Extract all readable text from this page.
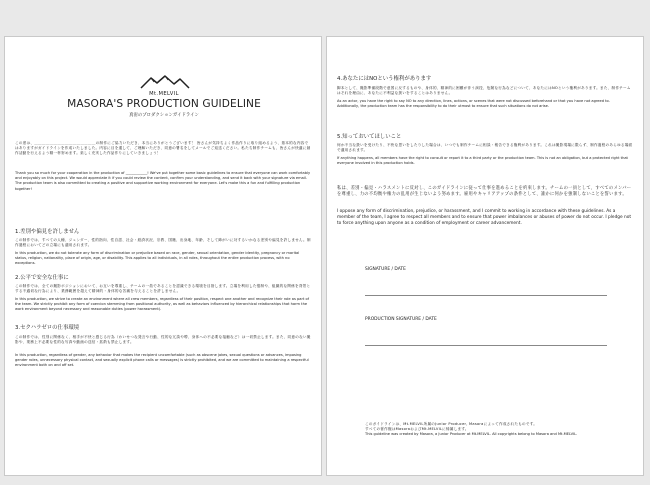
Mt.MELVIL
MASORA'S PRODUCTION GUIDELINE
真宙のプロダクションガイドライン

この度は、＿＿＿＿＿＿＿＿＿＿＿＿＿＿＿＿の制作にご協力いただき、本当にありがとうございます！ 皆さんが気持ちよく作品作りに取り組めるよう、基本的な内容ではありますがガイドラインを作成いたしました。内容に目を通して、ご理解いただき、同意の署名をしてメールでご返送ください。私たち制作チームも、皆さんが快適に創作活動を行えるよう精一杯努めます。楽しく充実した作品作りにしていきましょう！

Thank you so much for your cooperation in the production of ____________! We've put together some basic guidelines to ensure that everyone can work comfortably and enjoyably on this project. We would appreciate it if you could review the content, confirm your understanding, and send it back with your signature via email. The production team is also committed to creating a positive and supportive working environment for everyone. Let's make this a fun and fulfilling production together!

1.差別や偏見を許しません

この制作では、すべての人種、ジェンダー、性的指向、性自認、社会・経済状況、宗教、国籍、出身地、年齢、そして障がいに対するいかなる差別や偏見を許しません。制作過程においてどの立場にも適用されます。

In this production, we do not tolerate any form of discrimination or prejudice based on race, gender, sexual orientation, gender identity, pregnancy or marital status, religion, nationality, place of origin, age, or disability. This applies to all individuals, in all roles, throughout the entire production process, with no exceptions.

2.公平で安全な仕事に

この制作では、全ての撮影ポジションにおいて、お互いを尊重し、チームの一員であることを認識できる環境を目指します。立場を利用した強制や、組織的な関係を背景とする不適切な行為により、業務範囲を超えて精神的・身体的な苦痛を与えることを許しません。

In this production, we strive to create an environment where all crew members, regardless of their position, respect one another and recognize their role as part of the team. We strictly prohibit any form of coercion stemming from positional authority, as well as behaviors influenced by hierarchical relationships that harm the work environment beyond necessary and reasonable duties (power harassment).

3.セクハラゼロの仕事環境

この制作では、性別に関係なく、相手が不快と感じる行為（わいせつな発言や行動、性的な冗談や噂、身体への不必要な接触など）は一切禁止します。また、同意のない撮影や、業務上不必要な性的な写真や動画の送信・拡散も禁止します。

In this production, regardless of gender, any behavior that makes the recipient uncomfortable (such as obscene jokes, sexual questions or advances, imposing gender roles, unnecessary physical contact, and sexually explicit phone calls or messages) is strictly prohibited, and we are committed to maintaining a respectful environment both on and off set.

4.あなたにはNOという権利があります

脚本として、撮影準備段階で意図に反するものや、身体的、精神的に困難が伴う演技、危険な行為などについて、あなたにはNOという権利があります。また、制作チームはそれを理由に、あなたに不利益な扱いをすることはありません。

As an actor, you have the right to say NO to any direction, lines, actions, or scenes that were not discussed beforehand or that you have not agreed to. Additionally, the production team has the responsibility to do their utmost to ensure that such situations do not arise.

5.知っておいてほしいこと

何か不当な扱いを受けたり、不快な思いをしたりした場合は、いつでも制作チームに相談・報告できる権利があります。これは撮影現場に限らず、制作過程のあらゆる場面で適用されます。

If anything happens, all members have the right to consult or report it to a third party or the production team. This is not an obligation, but a protected right that everyone involved in this production holds.

私は、差別・偏見・ハラスメントに反対し、このガイドラインに従って仕事を進めることを約束します。チームの一員として、すべてのメンバーを尊重し、力の不均衡や権力の乱用が生じないよう努めます。雇用やキャリアアップの条件として、誰かに何かを強制しないことを誓います。

I oppose any form of discrimination, prejudice, or harassment, and I commit to working in accordance with these guidelines. As a member of the team, I agree to respect all members and to ensure that power imbalances or abuses of power do not occur. I pledge not to force anything upon anyone as a condition of employment or career advancement.

SIGNATURE / DATE
PRODUCTION SIGNATURE / DATE

このガイドラインは、Mt.MELVIL所属のJunior Producer, Masoraによって作成されたものです。

すべての著作権はMasoraおよびMt.MELVILに帰属します。

This guideline was created by Masora, a Junior Producer at Mt.MELVIL. All copyrights belong to Masora and Mt.MELVIL.
